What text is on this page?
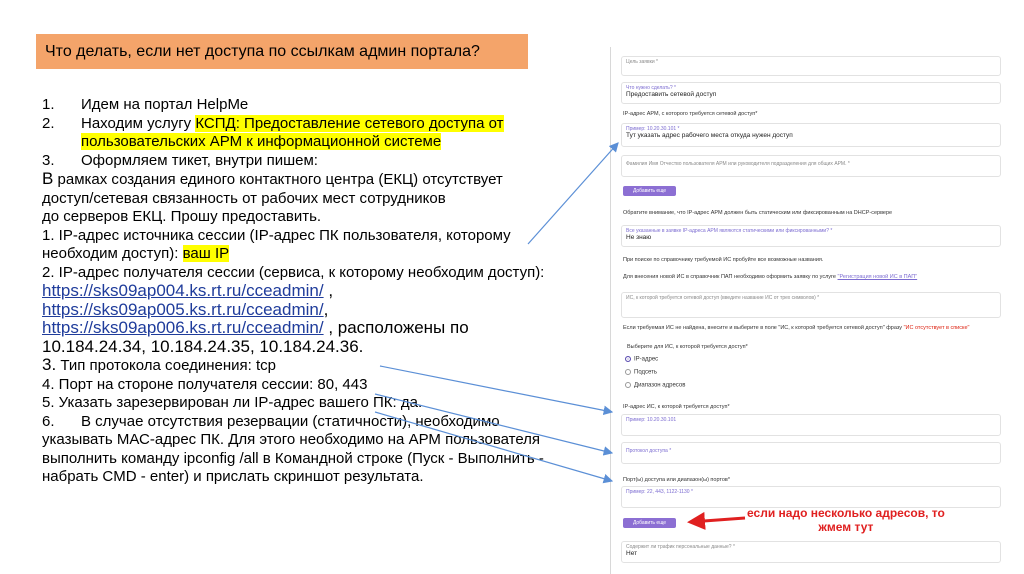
Что делать, если нет доступа по ссылкам админ портала?

1. Идем на портал HelpMe

2. Находим услугу КСПД: Предоставление сетевого доступа от

пользовательских АРМ к информационной системе

3. Оформляем тикет, внутри пишем:

В рамках создания единого контактного центра (ЕКЦ) отсутствует

доступ/сетевая связанность от рабочих мест сотрудников

до серверов ЕКЦ. Прошу предоставить.

1. IP-адрес источника сессии (IP-адрес ПК пользователя, которому

необходим доступ): ваш IP

2. IP-адрес получателя сессии (сервиса, к которому необходим доступ):

https://sks09ap004.ks.rt.ru/cceadmin/ ,

https://sks09ap005.ks.rt.ru/cceadmin/,

https://sks09ap006.ks.rt.ru/cceadmin/ , расположены по

10.184.24.34, 10.184.24.35, 10.184.24.36.

3. Тип протокола соединения: tcp

4. Порт на стороне получателя сессии: 80, 443

5. Указать зарезервирован ли IP-адрес вашего ПК: да.

6. В случае отсутствия резервации (статичности), необходимо

указывать МАС-адрес ПК. Для этого необходимо на АРМ пользователя

выполнить команду ipconfig /all в Командной строке (Пуск - Выполнить -

набрать CMD - enter) и прислать скриншот результата.

Цель заявки *
Что нужно сделать? *
Предоставить сетевой доступ
IP-адрес АРМ, с которого требуется сетевой доступ*
Пример: 10.20.30.101 *
Тут указать адрес рабочего места откуда нужен доступ
Фамилия Имя Отчество пользователя АРМ или руководителя подразделения для общих АРМ. *
Добавить еще
Обратите внимание, что IP-адрес АРМ должен быть статическим или фиксированным на DHCP-сервере
Все указанные в заявке IP-адреса АРМ являются статическими или фиксированными? *
Не знаю
При поиске по справочнику требуемой ИС пробуйте все возможные названия.
Для внесения новой ИС в справочник ПАП необходимо оформить заявку по услуге "Регистрация новой ИС в ПАП"
ИС, к которой требуется сетевой доступ (введите название ИС от трех символов) *
Если требуемая ИС не найдена, внесите и выберите в поле "ИС, к которой требуется сетевой доступ" фразу "ИС отсутствует в списке"
Выберите для ИС, к которой требуется доступ*
IP-адрес
Подсеть
Диапазон адресов
IP-адрес ИС, к которой требуется доступ*
Пример: 10.20.30.101
Протокол доступа *
Порт(ы) доступа или диапазон(ы) портов*
Пример: 22, 443, 1122-1130 *
Добавить еще
Содержит ли трафик персональные данные? *
Нет
если надо несколько адресов, то
жмем тут
